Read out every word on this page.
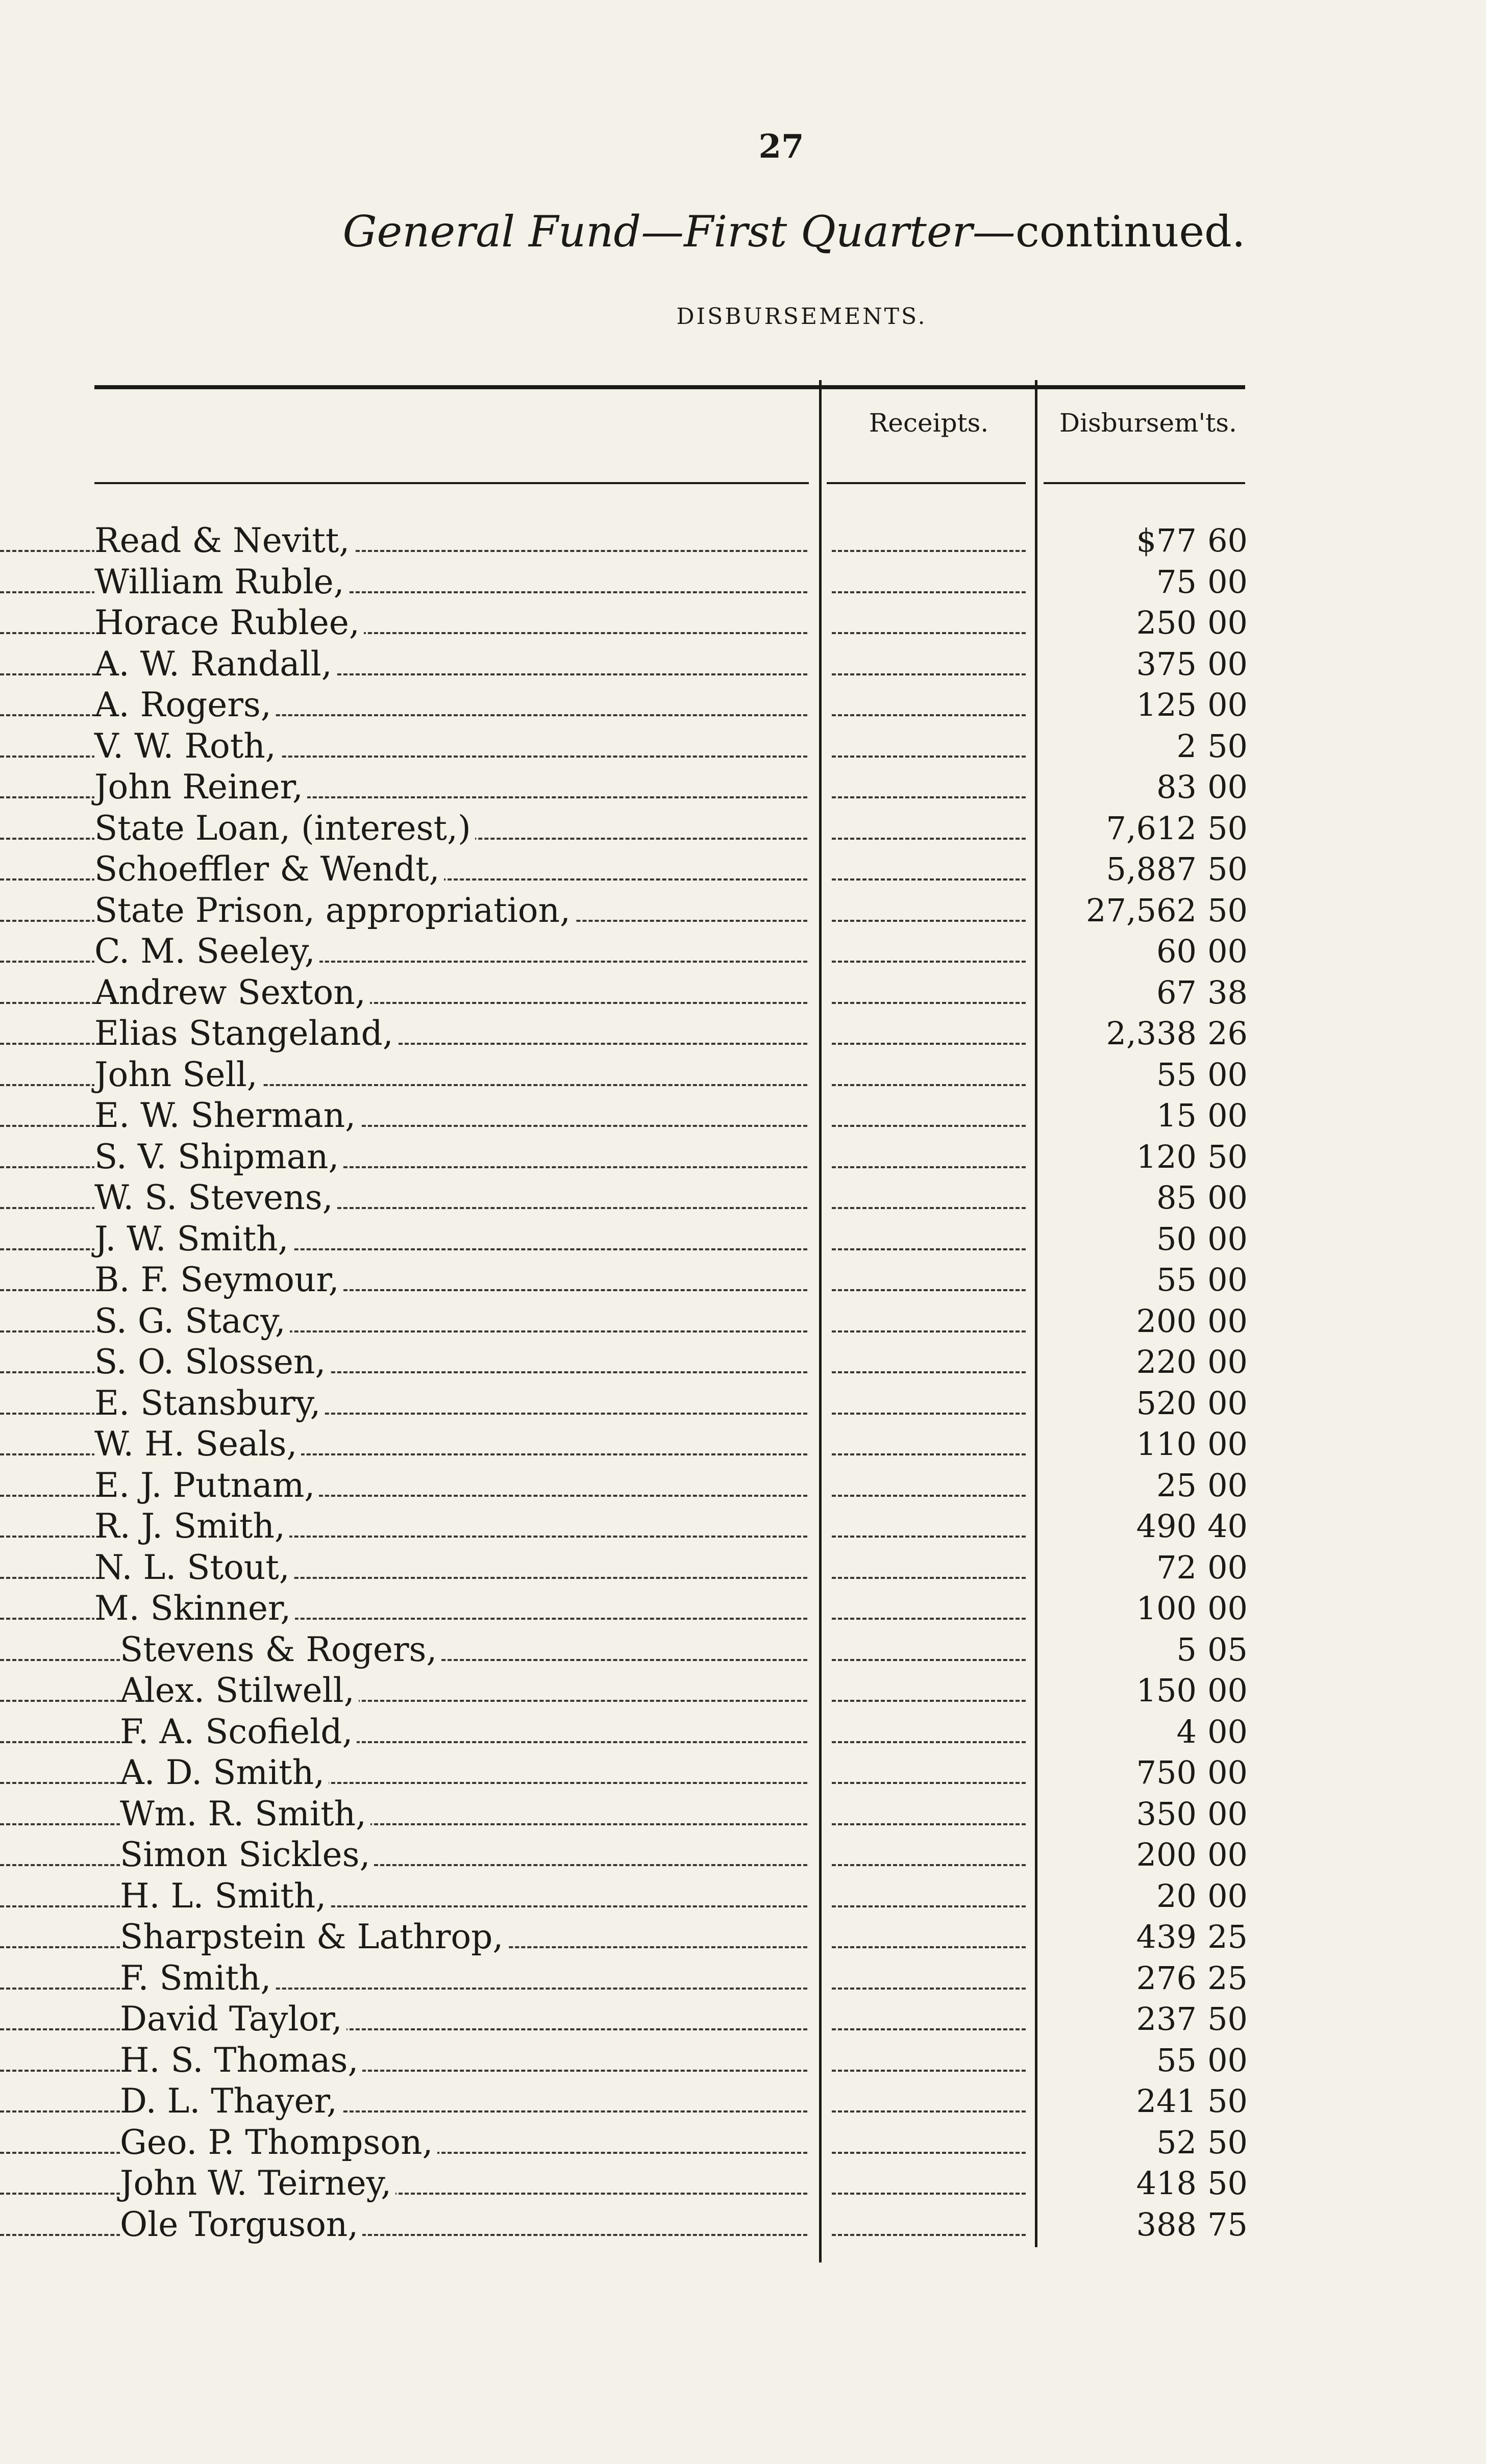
27
General Fund—First Quarter—continued.
DISBURSEMENTS.
Receipts.	Disbursem'ts.
Read & Nevitt,	$77 60
William Ruble,	75 00
Horace Rublee,	250 00
A. W. Randall,	375 00
A. Rogers,	125 00
V. W. Roth,	2 50
John Reiner,	83 00
State Loan, (interest,)	7,612 50
Schoeffler & Wendt,	5,887 50
State Prison, appropriation,	27,562 50
C. M. Seeley,	60 00
Andrew Sexton,	67 38
Elias Stangeland,	2,338 26
John Sell,	55 00
E. W. Sherman,	15 00
S. V. Shipman,	120 50
W. S. Stevens,	85 00
J. W. Smith,	50 00
B. F. Seymour,	55 00
S. G. Stacy,	200 00
S. O. Slossen,	220 00
E. Stansbury,	520 00
W. H. Seals,	110 00
E. J. Putnam,	25 00
R. J. Smith,	490 40
N. L. Stout,	72 00
M. Skinner,	100 00
Stevens & Rogers,	5 05
Alex. Stilwell,	150 00
F. A. Scofield,	4 00
A. D. Smith,	750 00
Wm. R. Smith,	350 00
Simon Sickles,	200 00
H. L. Smith,	20 00
Sharpstein & Lathrop,	439 25
F. Smith,	276 25
David Taylor,	237 50
H. S. Thomas,	55 00
D. L. Thayer,	241 50
Geo. P. Thompson,	52 50
John W. Teirney,	418 50
Ole Torguson,	388 75
